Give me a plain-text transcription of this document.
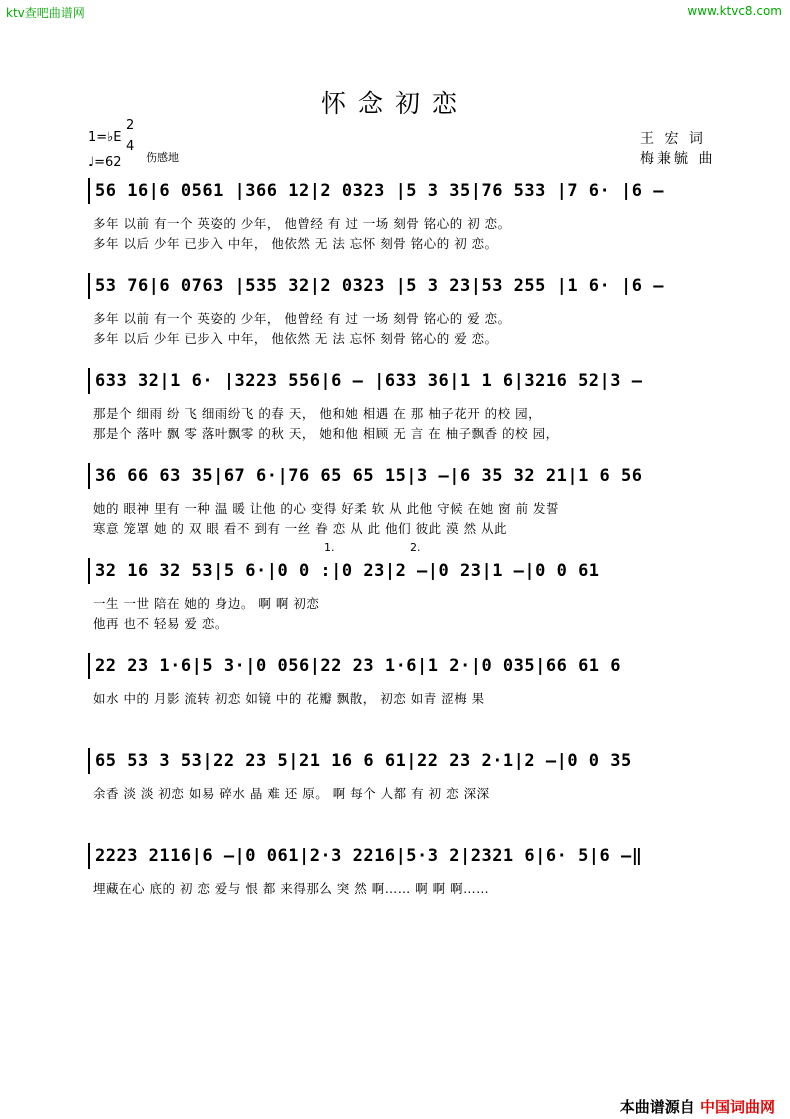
ktv查吧曲谱网	www.ktvc8.com
怀念初恋
王 宏 词
梅兼毓 曲
1=♭E
2
4
♩=62 伤感地
56 16|6 0561 |366 12|2 0323 |5 3 35|76 533 |7 6· |6 —
多年 以前 有一个 英姿的 少年， 他曾经 有 过 一场 刻骨 铭心的 初 恋。
多年 以后 少年 已步入 中年， 他依然 无 法 忘怀 刻骨 铭心的 初 恋。
53 76|6 0763 |535 32|2 0323 |5 3 23|53 255 |1 6· |6 —
多年 以前 有一个 英姿的 少年， 他曾经 有 过 一场 刻骨 铭心的 爱 恋。
多年 以后 少年 已步入 中年， 他依然 无 法 忘怀 刻骨 铭心的 爱 恋。
633 32|1 6· |3223 556|6 — |633 36|1 1 6|3216 52|3 —
那是个 细雨 纷 飞 细雨纷飞 的春 天， 他和她 相遇 在 那 柚子花开 的校 园，
那是个 落叶 飘 零 落叶飘零 的秋 天， 她和他 相顾 无 言 在 柚子飘香 的校 园，
36 66 63 35|67 6·|76 65 65 15|3 —|6 35 32 21|1 6 56
她的 眼神 里有 一种 温 暖 让他 的心 变得 好柔 软 从 此他 守候 在她 窗 前 发誓
寒意 笼罩 她 的 双 眼 看不 到有 一丝 眷 恋 从 此 他们 彼此 漠 然 从此
1.	2.
32 16 32 53|5 6·|0 0 :|0 23|2 —|0 23|1 —|0 0 61
一生 一世 陪在 她的 身边。 啊 啊 初恋
他再 也不 轻易 爱 恋。
22 23 1·6|5 3·|0 056|22 23 1·6|1 2·|0 035|66 61 6
如水 中的 月影 流转 初恋 如镜 中的 花瓣 飘散， 初恋 如青 涩梅 果
65 53 3 53|22 23 5|21 16 6 61|22 23 2·1|2 —|0 0 35
余香 淡 淡 初恋 如易 碎水 晶 难 还 原。 啊 每个 人都 有 初 恋 深深
2223 2116|6 —|0 061|2·3 2216|5·3 2|2321 6|6· 5|6 —‖
埋藏在心 底的 初 恋 爱与 恨 都 来得那么 突 然 啊…… 啊 啊 啊……
本曲谱源自 中国词曲网
